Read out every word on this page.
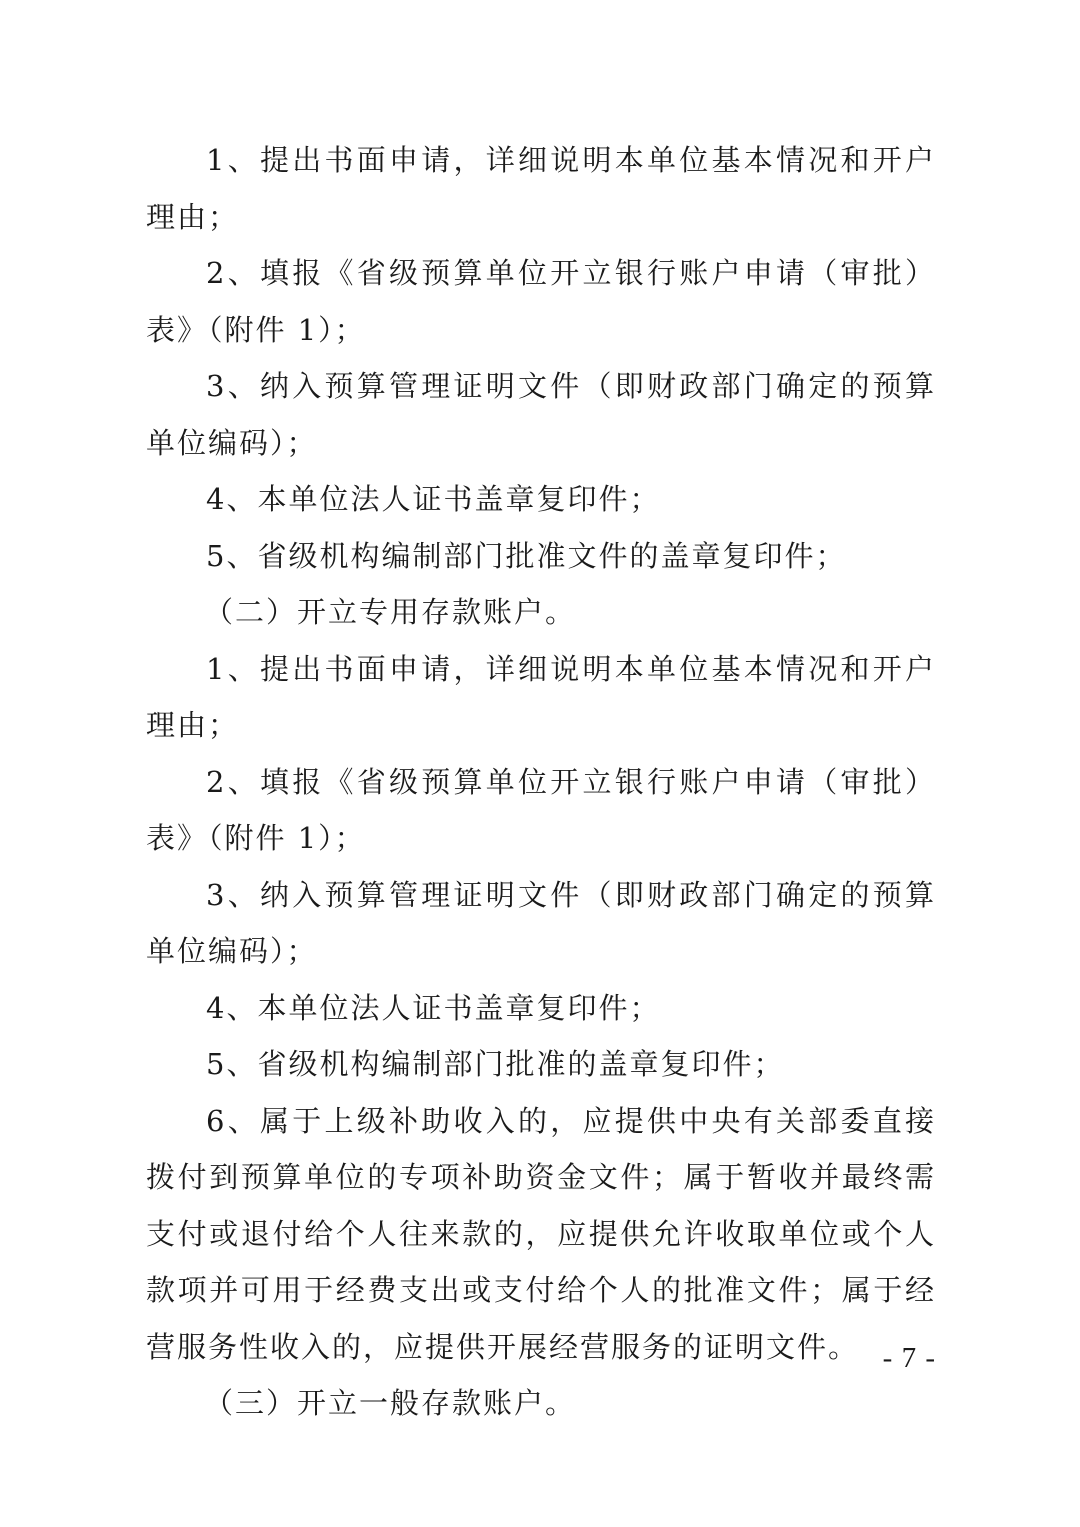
1、提出书面申请，详细说明本单位基本情况和开户理由；

2、填报《省级预算单位开立银行账户申请（审批）表》（附件 1）；

3、纳入预算管理证明文件（即财政部门确定的预算单位编码）；

4、本单位法人证书盖章复印件；

5、省级机构编制部门批准文件的盖章复印件；

（二）开立专用存款账户。

1、提出书面申请，详细说明本单位基本情况和开户理由；

2、填报《省级预算单位开立银行账户申请（审批）表》（附件 1）；

3、纳入预算管理证明文件（即财政部门确定的预算单位编码）；

4、本单位法人证书盖章复印件；

5、省级机构编制部门批准的盖章复印件；

6、属于上级补助收入的，应提供中央有关部委直接拨付到预算单位的专项补助资金文件；属于暂收并最终需支付或退付给个人往来款的，应提供允许收取单位或个人款项并可用于经费支出或支付给个人的批准文件；属于经营服务性收入的，应提供开展经营服务的证明文件。

（三）开立一般存款账户。

- 7 -
